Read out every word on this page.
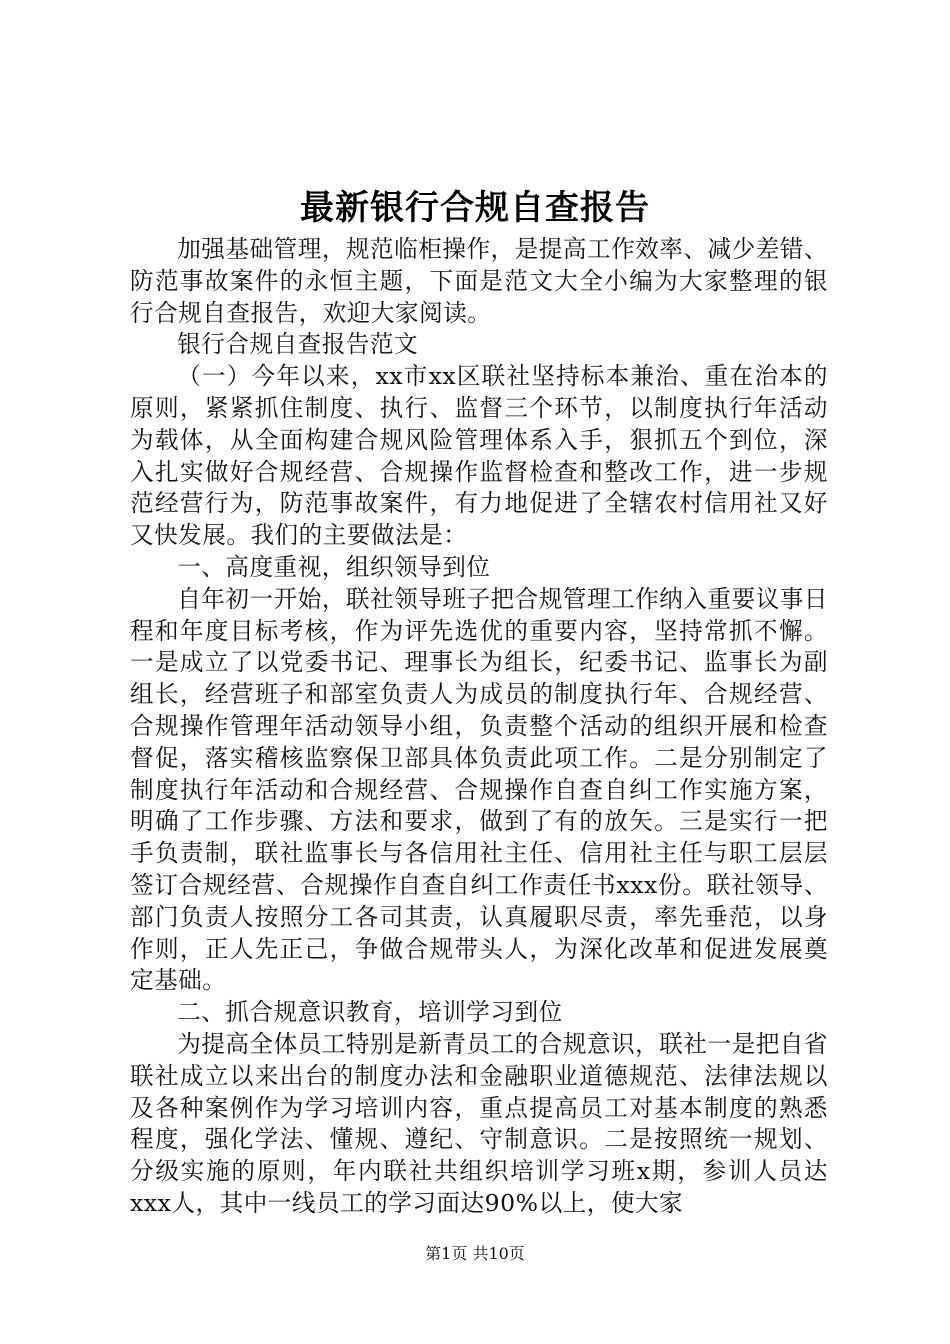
最新银行合规自查报告

加强基础管理，规范临柜操作，是提高工作效率、减少差错、防范事故案件的永恒主题，下面是范文大全小编为大家整理的银行合规自查报告，欢迎大家阅读。

银行合规自查报告范文

（一）今年以来，xx市xx区联社坚持标本兼治、重在治本的原则，紧紧抓住制度、执行、监督三个环节，以制度执行年活动为载体，从全面构建合规风险管理体系入手，狠抓五个到位，深入扎实做好合规经营、合规操作监督检查和整改工作，进一步规范经营行为，防范事故案件，有力地促进了全辖农村信用社又好又快发展。我们的主要做法是：

一、高度重视，组织领导到位

自年初一开始，联社领导班子把合规管理工作纳入重要议事日程和年度目标考核，作为评先选优的重要内容，坚持常抓不懈。一是成立了以党委书记、理事长为组长，纪委书记、监事长为副组长，经营班子和部室负责人为成员的制度执行年、合规经营、合规操作管理年活动领导小组，负责整个活动的组织开展和检查督促，落实稽核监察保卫部具体负责此项工作。二是分别制定了制度执行年活动和合规经营、合规操作自查自纠工作实施方案，明确了工作步骤、方法和要求，做到了有的放矢。三是实行一把手负责制，联社监事长与各信用社主任、信用社主任与职工层层签订合规经营、合规操作自查自纠工作责任书xxx份。联社领导、部门负责人按照分工各司其责，认真履职尽责，率先垂范，以身作则，正人先正己，争做合规带头人，为深化改革和促进发展奠定基础。

二、抓合规意识教育，培训学习到位

为提高全体员工特别是新青员工的合规意识，联社一是把自省联社成立以来出台的制度办法和金融职业道德规范、法律法规以及各种案例作为学习培训内容，重点提高员工对基本制度的熟悉程度，强化学法、懂规、遵纪、守制意识。二是按照统一规划、分级实施的原则，年内联社共组织培训学习班x期，参训人员达xxx人，其中一线员工的学习面达90%以上，使大家

第1页 共10页
